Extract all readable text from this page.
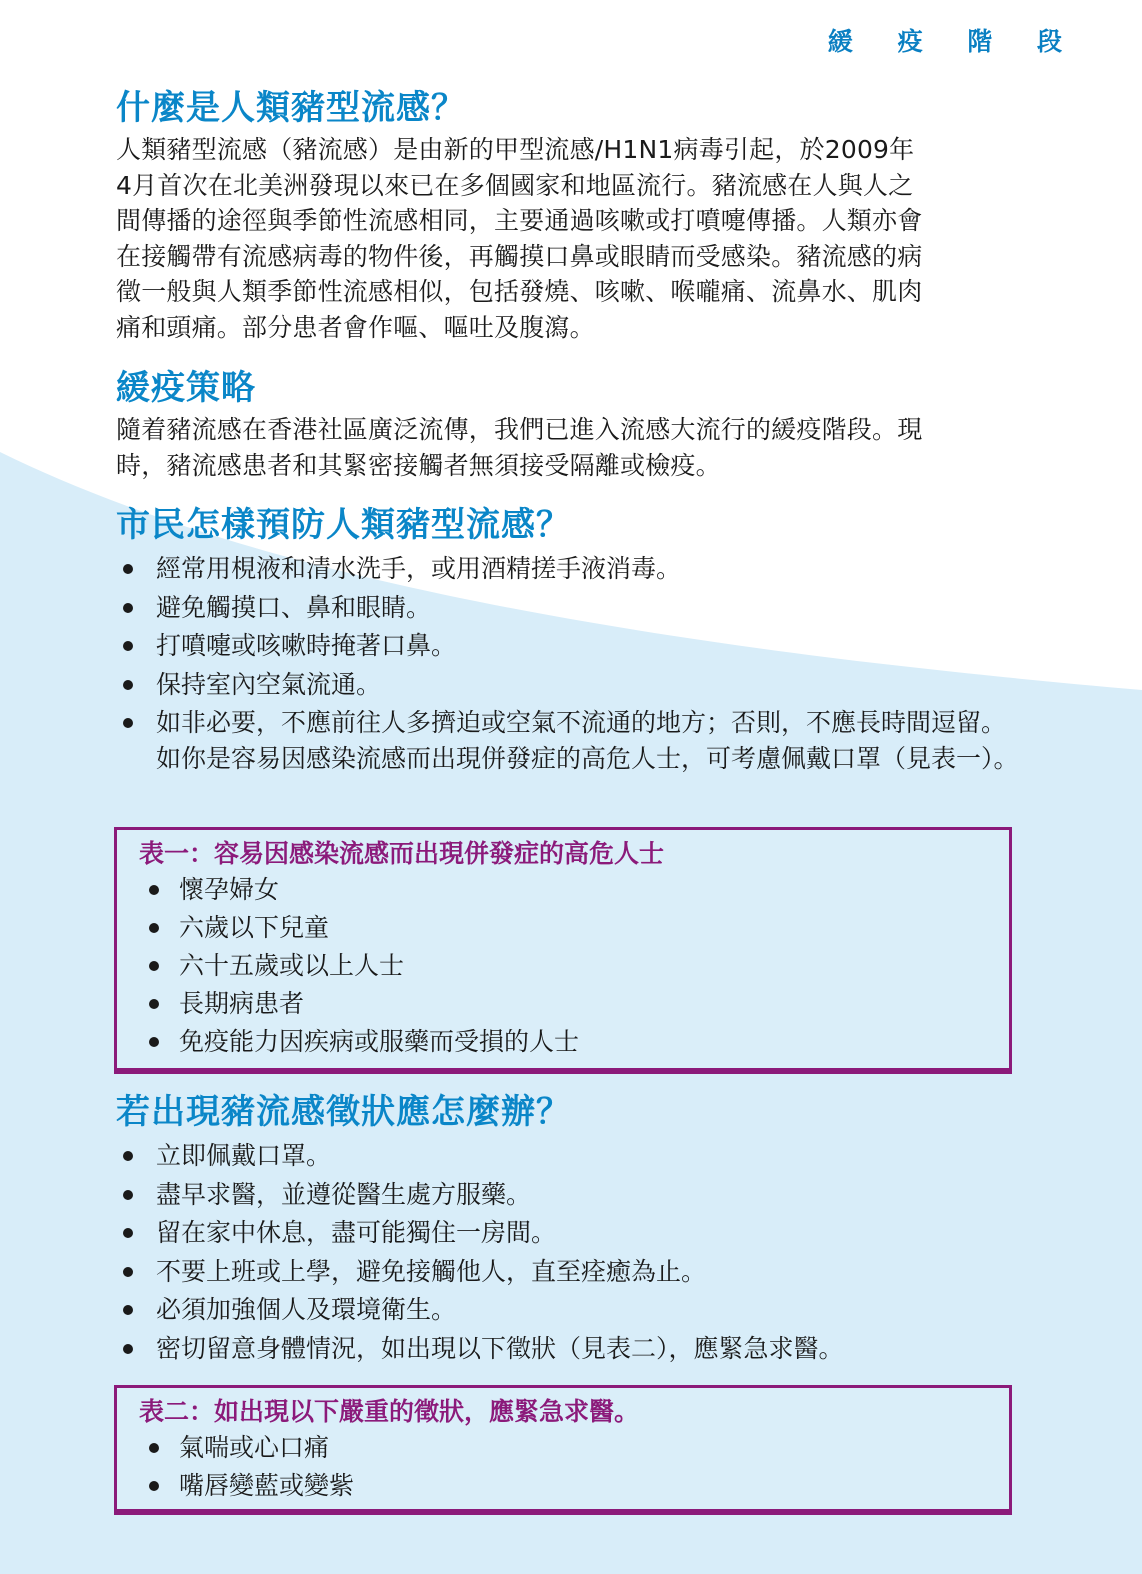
緩 疫 階 段
什麼是人類豬型流感？

人類豬型流感（豬流感）是由新的甲型流感/H1N1病毒引起，於2009年
4月首次在北美洲發現以來已在多個國家和地區流行。豬流感在人與人之
間傳播的途徑與季節性流感相同，主要通過咳嗽或打噴嚏傳播。人類亦會
在接觸帶有流感病毒的物件後，再觸摸口鼻或眼睛而受感染。豬流感的病
徵一般與人類季節性流感相似，包括發燒、咳嗽、喉嚨痛、流鼻水、肌肉
痛和頭痛。部分患者會作嘔、嘔吐及腹瀉。

緩疫策略

隨着豬流感在香港社區廣泛流傳，我們已進入流感大流行的緩疫階段。現
時，豬流感患者和其緊密接觸者無須接受隔離或檢疫。

市民怎樣預防人類豬型流感？
經常用梘液和清水洗手，或用酒精搓手液消毒。
避免觸摸口、鼻和眼睛。
打噴嚏或咳嗽時掩著口鼻。
保持室內空氣流通。
如非必要，不應前往人多擠迫或空氣不流通的地方；否則，不應長時間逗留。如你是容易因感染流感而出現併發症的高危人士，可考慮佩戴口罩（見表一）。
表一：容易因感染流感而出現併發症的高危人士
懷孕婦女
六歲以下兒童
六十五歲或以上人士
長期病患者
免疫能力因疾病或服藥而受損的人士
若出現豬流感徵狀應怎麼辦？
立即佩戴口罩。
盡早求醫，並遵從醫生處方服藥。
留在家中休息，盡可能獨住一房間。
不要上班或上學，避免接觸他人，直至痊癒為止。
必須加強個人及環境衛生。
密切留意身體情況，如出現以下徵狀（見表二），應緊急求醫。
表二：如出現以下嚴重的徵狀，應緊急求醫。
氣喘或心口痛
嘴唇變藍或變紫
